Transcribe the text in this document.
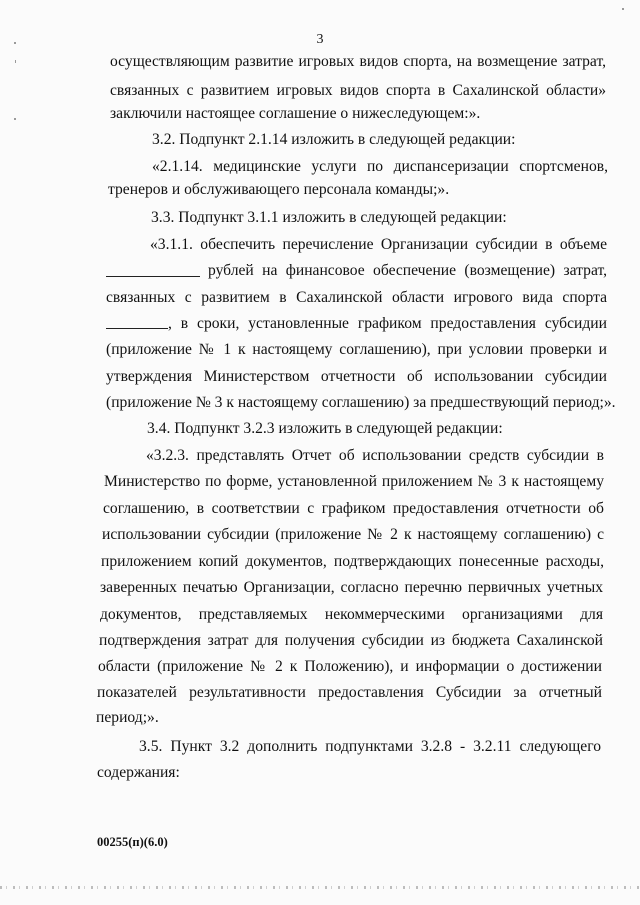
3
осуществляющим развитие игровых видов спорта, на возмещение затрат,
связанных с развитием игровых видов спорта в Сахалинской области»
заключили настоящее соглашение о нижеследующем:».
3.2. Подпункт 2.1.14 изложить в следующей редакции:
«2.1.14. медицинские услуги по диспансеризации спортсменов,
тренеров и обслуживающего персонала команды;».
3.3. Подпункт 3.1.1 изложить в следующей редакции:
«3.1.1. обеспечить перечисление Организации субсидии в объеме
рублей на финансовое обеспечение (возмещение) затрат,
связанных с развитием в Сахалинской области игрового вида спорта
, в сроки, установленные графиком предоставления субсидии
(приложение № 1 к настоящему соглашению), при условии проверки и
утверждения Министерством отчетности об использовании субсидии
(приложение № 3 к настоящему соглашению) за предшествующий период;».
3.4. Подпункт 3.2.3 изложить в следующей редакции:
«3.2.3. представлять Отчет об использовании средств субсидии в
Министерство по форме, установленной приложением № 3 к настоящему
соглашению, в соответствии с графиком предоставления отчетности об
использовании субсидии (приложение № 2 к настоящему соглашению) с
приложением копий документов, подтверждающих понесенные расходы,
заверенных печатью Организации, согласно перечню первичных учетных
документов, представляемых некоммерческими организациями для
подтверждения затрат для получения субсидии из бюджета Сахалинской
области (приложение № 2 к Положению), и информации о достижении
показателей результативности предоставления Субсидии за отчетный
период;».
3.5. Пункт 3.2 дополнить подпунктами 3.2.8 - 3.2.11 следующего
содержания:
00255(п)(6.0)
